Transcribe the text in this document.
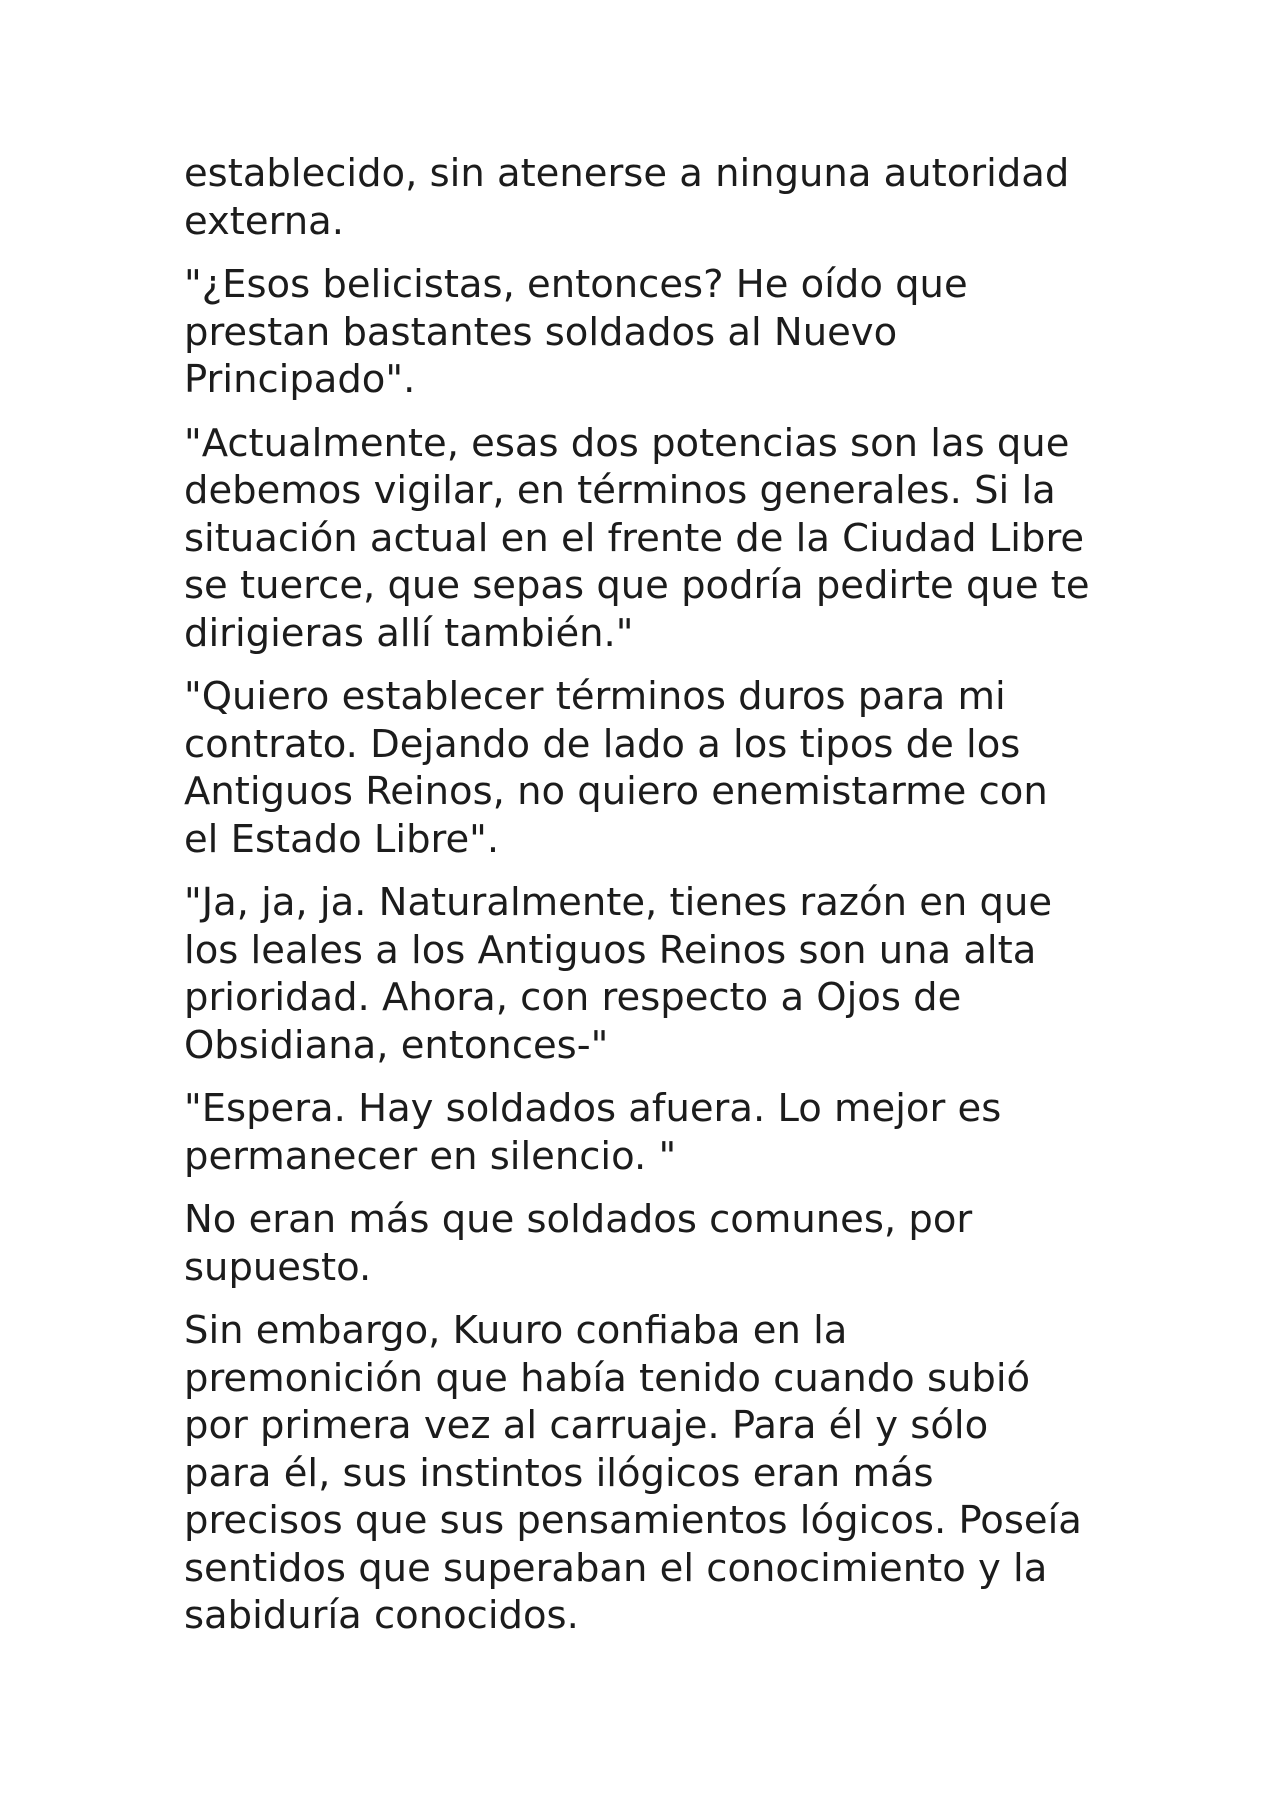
establecido, sin atenerse a ninguna autoridad
externa.

"¿Esos belicistas, entonces? He oído que
prestan bastantes soldados al Nuevo
Principado".

"Actualmente, esas dos potencias son las que
debemos vigilar, en términos generales. Si la
situación actual en el frente de la Ciudad Libre
se tuerce, que sepas que podría pedirte que te
dirigieras allí también."

"Quiero establecer términos duros para mi
contrato. Dejando de lado a los tipos de los
Antiguos Reinos, no quiero enemistarme con
el Estado Libre".

"Ja, ja, ja. Naturalmente, tienes razón en que
los leales a los Antiguos Reinos son una alta
prioridad. Ahora, con respecto a Ojos de
Obsidiana, entonces-"

"Espera. Hay soldados afuera. Lo mejor es
permanecer en silencio. "

No eran más que soldados comunes, por
supuesto.

Sin embargo, Kuuro confiaba en la
premonición que había tenido cuando subió
por primera vez al carruaje. Para él y sólo
para él, sus instintos ilógicos eran más
precisos que sus pensamientos lógicos. Poseía
sentidos que superaban el conocimiento y la
sabiduría conocidos.
